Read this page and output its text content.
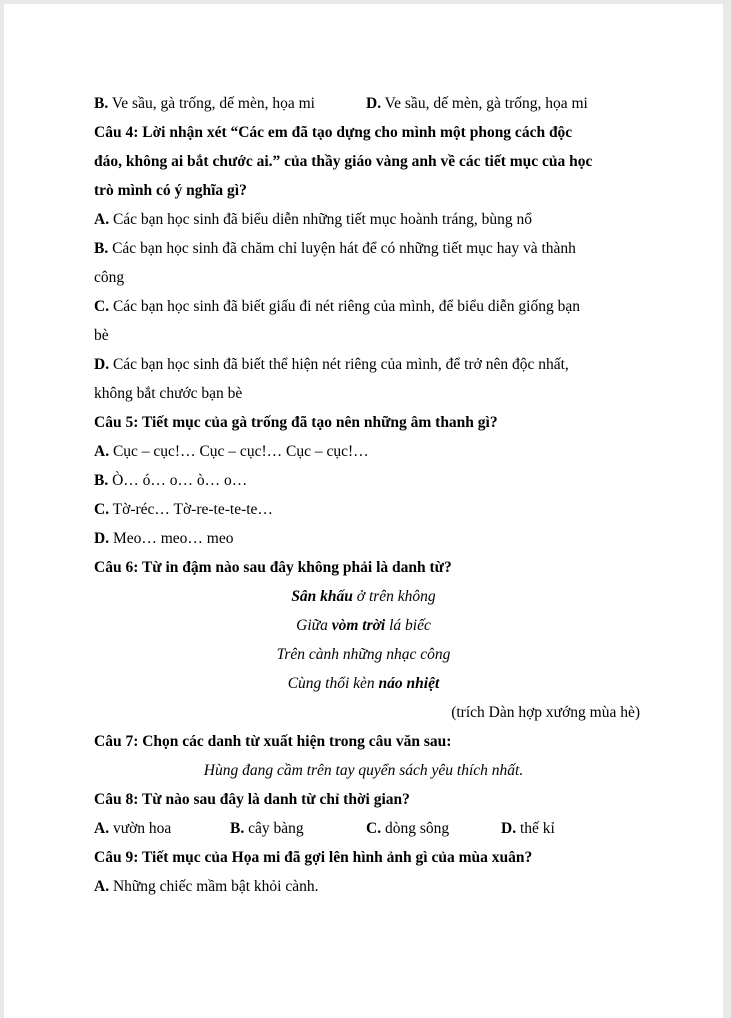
B. Ve sầu, gà trống, dế mèn, họa mi	D. Ve sầu, dế mèn, gà trống, họa mi
Câu 4: Lời nhận xét “Các em đã tạo dựng cho mình một phong cách độc
đáo, không ai bắt chước ai.” của thầy giáo vàng anh về các tiết mục của học
trò mình có ý nghĩa gì?
A. Các bạn học sinh đã biểu diễn những tiết mục hoành tráng, bùng nổ
B. Các bạn học sinh đã chăm chỉ luyện hát để có những tiết mục hay và thành
công
C. Các bạn học sinh đã biết giấu đi nét riêng của mình, để biểu diễn giống bạn
bè
D. Các bạn học sinh đã biết thể hiện nét riêng của mình, để trở nên độc nhất,
không bắt chước bạn bè
Câu 5: Tiết mục của gà trống đã tạo nên những âm thanh gì?
A. Cục – cục!… Cục – cục!… Cục – cục!…
B. Ò… ó… o… ò… o…
C. Tờ-réc… Tờ-re-te-te-te…
D. Meo… meo… meo
Câu 6: Từ in đậm nào sau đây không phải là danh từ?
Sân khấu ở trên không
Giữa vòm trời lá biếc
Trên cành những nhạc công
Cùng thổi kèn náo nhiệt
(trích Dàn hợp xướng mùa hè)
Câu 7: Chọn các danh từ xuất hiện trong câu văn sau:
Hùng đang cầm trên tay quyển sách yêu thích nhất.
Câu 8: Từ nào sau đây là danh từ chỉ thời gian?
A. vườn hoa	B. cây bàng	C. dòng sông	D. thế kỉ
Câu 9: Tiết mục của Họa mi đã gợi lên hình ảnh gì của mùa xuân?
A. Những chiếc mầm bật khỏi cành.
